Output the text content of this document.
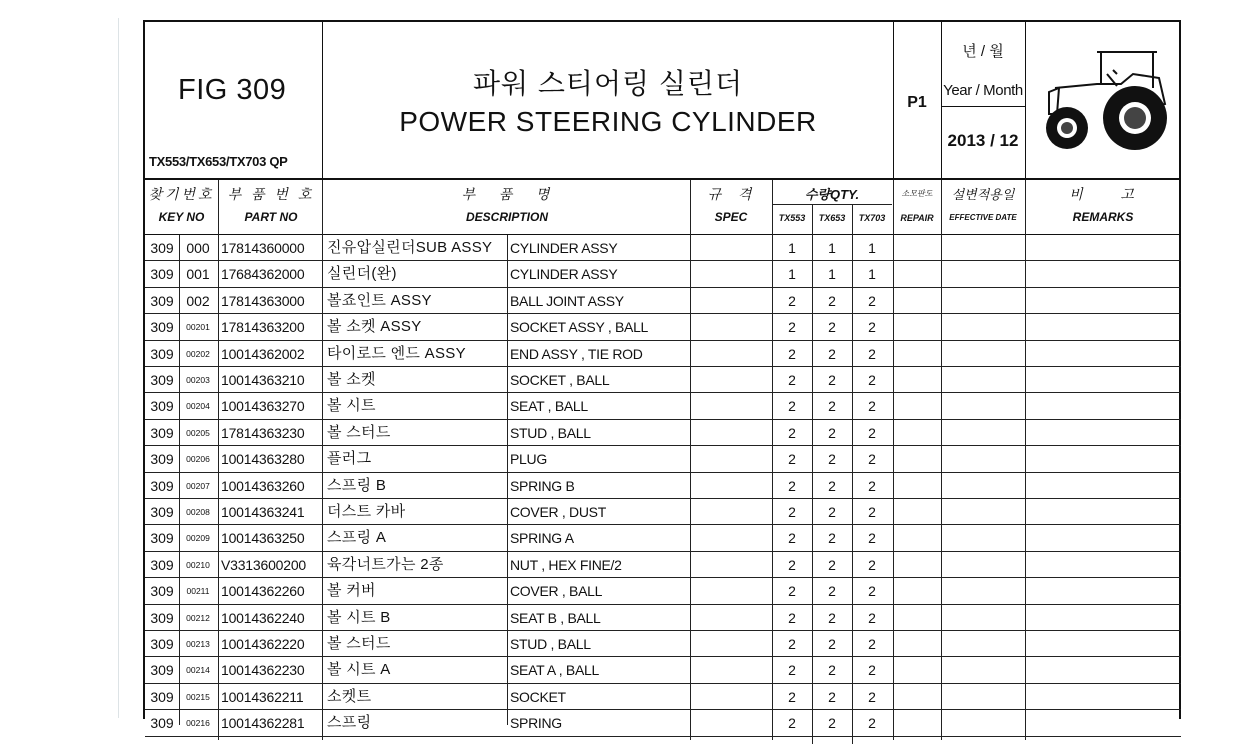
FIG 309
TX553/TX653/TX703 QP
파워 스티어링 실린더
POWER STEERING CYLINDER
P1
년 / 월
Year / Month
2013 / 12
찾기번호
KEY NO
부 품 번 호
PART NO
부   품   명
DESCRIPTION
규  격
SPEC
수량QTY.
TX553	TX653	TX703
소모판도
REPAIR
설변적용일
EFFECTIVE DATE
비     고
REMARKS
309 000 17814360000	진유압실린더SUB ASSY	CYLINDER ASSY	1	1	1
309 001 17684362000	실린더(완)	CYLINDER ASSY	1	1	1
309 002 17814363000	볼죠인트 ASSY	BALL JOINT ASSY	2	2	2
309	00201 17814363200	볼 소켓 ASSY	SOCKET ASSY , BALL	2	2	2
309	00202 10014362002	타이로드 엔드 ASSY	END ASSY , TIE ROD	2	2	2
309	00203 10014363210	볼 소켓	SOCKET , BALL	2	2	2
309	00204 10014363270	볼 시트	SEAT , BALL	2	2	2
309	00205 17814363230	볼 스터드	STUD , BALL	2	2	2
309	00206 10014363280	플러그	PLUG	2	2	2
309	00207 10014363260	스프링 B	SPRING B	2	2	2
309	00208 10014363241	더스트 카바	COVER , DUST	2	2	2
309	00209 10014363250	스프링 A	SPRING A	2	2	2
309	00210 V3313600200	육각너트가는 2종	NUT , HEX FINE/2	2	2	2
309	00211 10014362260	볼 커버	COVER , BALL	2	2	2
309	00212 10014362240	볼 시트 B	SEAT B , BALL	2	2	2
309	00213 10014362220	볼 스터드	STUD , BALL	2	2	2
309	00214 10014362230	볼 시트 A	SEAT A , BALL	2	2	2
309	00215 10014362211	소켓트	SOCKET	2	2	2
309	00216 10014362281	스프링	SPRING	2	2	2
